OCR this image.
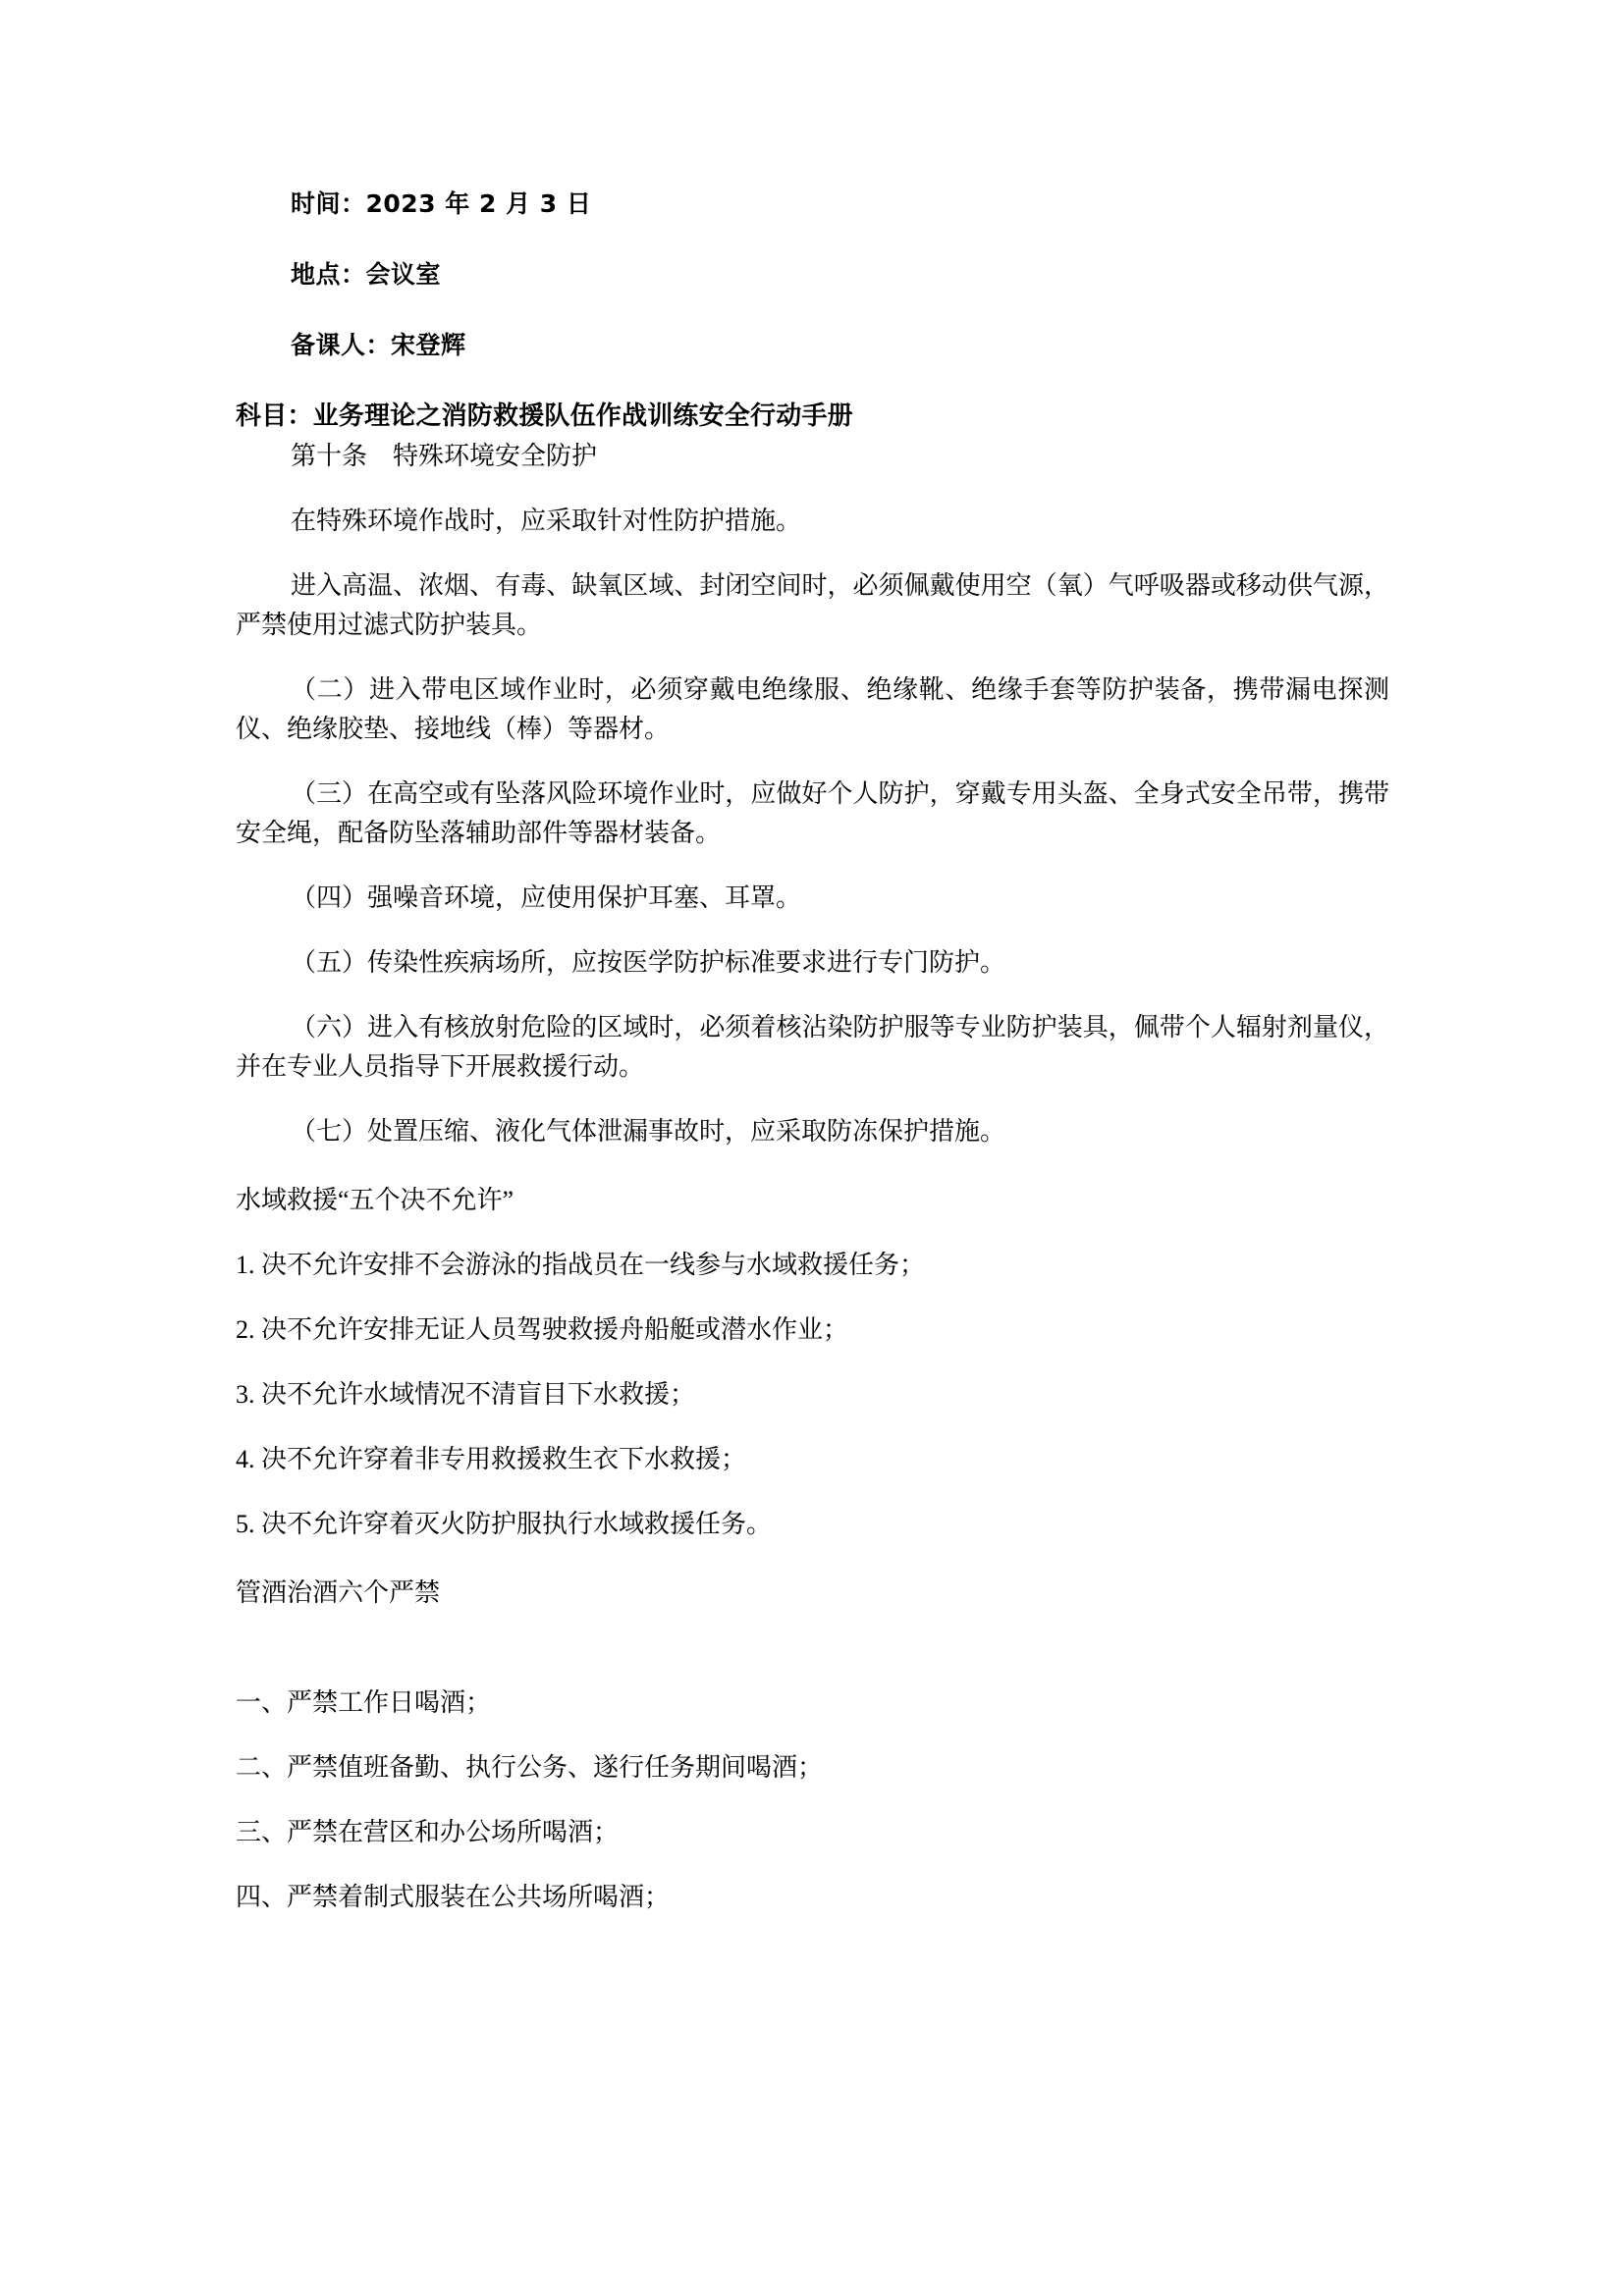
时间：2023 年 2 月 3 日
地点：会议室
备课人：宋登辉
科目：业务理论之消防救援队伍作战训练安全行动手册
第十条　特殊环境安全防护
在特殊环境作战时，应采取针对性防护措施。
进入高温、浓烟、有毒、缺氧区域、封闭空间时，必须佩戴使用空（氧）气呼吸器或移动供气源，严禁使用过滤式防护装具。
（二）进入带电区域作业时，必须穿戴电绝缘服、绝缘靴、绝缘手套等防护装备，携带漏电探测仪、绝缘胶垫、接地线（棒）等器材。
（三）在高空或有坠落风险环境作业时，应做好个人防护，穿戴专用头盔、全身式安全吊带，携带安全绳，配备防坠落辅助部件等器材装备。
（四）强噪音环境，应使用保护耳塞、耳罩。
（五）传染性疾病场所，应按医学防护标准要求进行专门防护。
（六）进入有核放射危险的区域时，必须着核沾染防护服等专业防护装具，佩带个人辐射剂量仪，并在专业人员指导下开展救援行动。
（七）处置压缩、液化气体泄漏事故时，应采取防冻保护措施。
水域救援“五个决不允许”
1. 决不允许安排不会游泳的指战员在一线参与水域救援任务；
2. 决不允许安排无证人员驾驶救援舟船艇或潜水作业；
3. 决不允许水域情况不清盲目下水救援；
4. 决不允许穿着非专用救援救生衣下水救援；
5. 决不允许穿着灭火防护服执行水域救援任务。
管酒治酒六个严禁
一、严禁工作日喝酒；
二、严禁值班备勤、执行公务、遂行任务期间喝酒；
三、严禁在营区和办公场所喝酒；
四、严禁着制式服装在公共场所喝酒；
